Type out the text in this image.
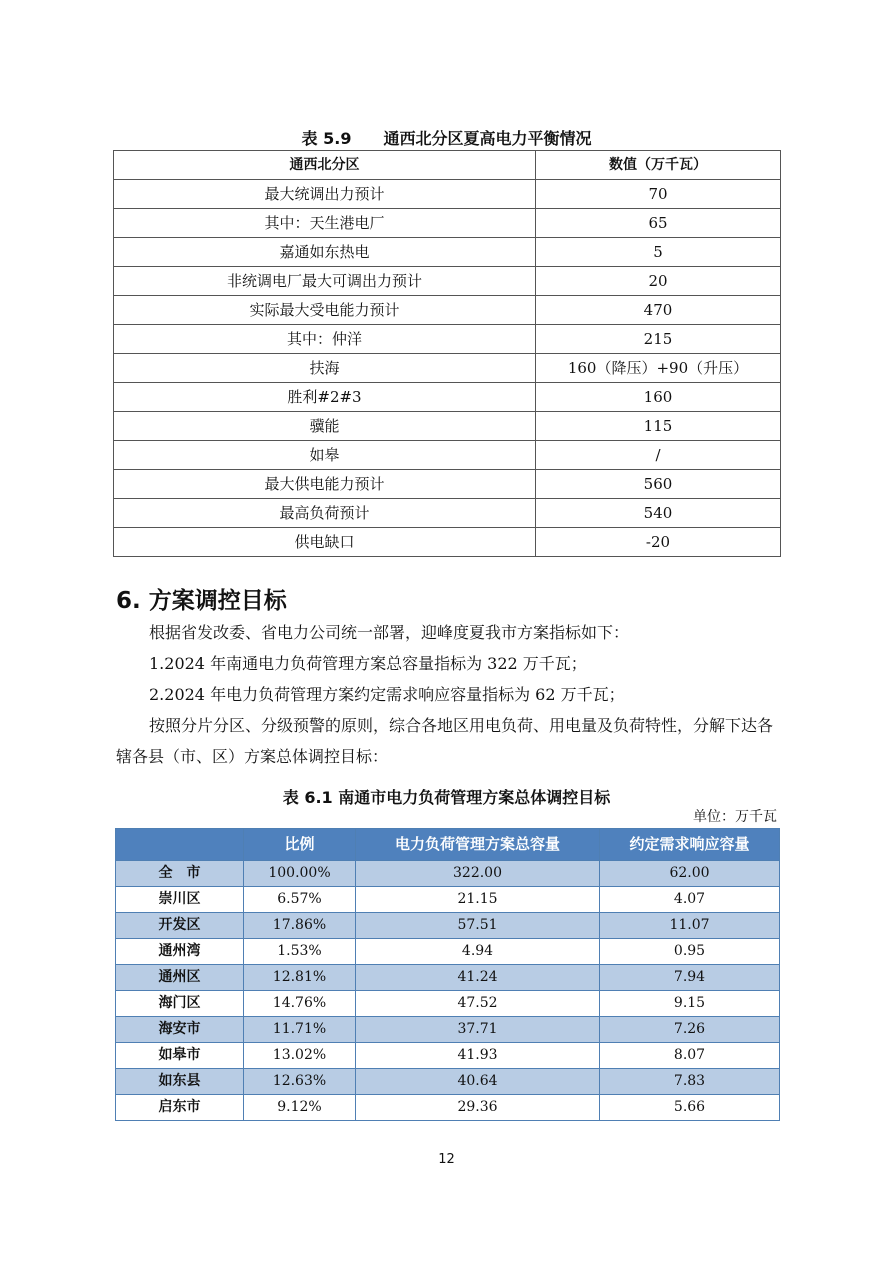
表 5.9　　通西北分区夏高电力平衡情况
通西北分区	数值（万千瓦）
最大统调出力预计	70
其中：天生港电厂	65
嘉通如东热电	5
非统调电厂最大可调出力预计	20
实际最大受电能力预计	470
其中：仲洋	215
扶海	160（降压）+90（升压）
胜利#2#3	160
骥能	115
如皋	/
最大供电能力预计	560
最高负荷预计	540
供电缺口	-20
6. 方案调控目标
根据省发改委、省电力公司统一部署，迎峰度夏我市方案指标如下：
1.2024 年南通电力负荷管理方案总容量指标为 322 万千瓦；
2.2024 年电力负荷管理方案约定需求响应容量指标为 62 万千瓦；
按照分片分区、分级预警的原则，综合各地区用电负荷、用电量及负荷特性，分解下达各辖各县（市、区）方案总体调控目标：
表 6.1 南通市电力负荷管理方案总体调控目标
单位：万千瓦
	比例	电力负荷管理方案总容量	约定需求响应容量
全　市	100.00%	322.00	62.00
崇川区	6.57%	21.15	4.07
开发区	17.86%	57.51	11.07
通州湾	1.53%	4.94	0.95
通州区	12.81%	41.24	7.94
海门区	14.76%	47.52	9.15
海安市	11.71%	37.71	7.26
如皋市	13.02%	41.93	8.07
如东县	12.63%	40.64	7.83
启东市	9.12%	29.36	5.66
12
